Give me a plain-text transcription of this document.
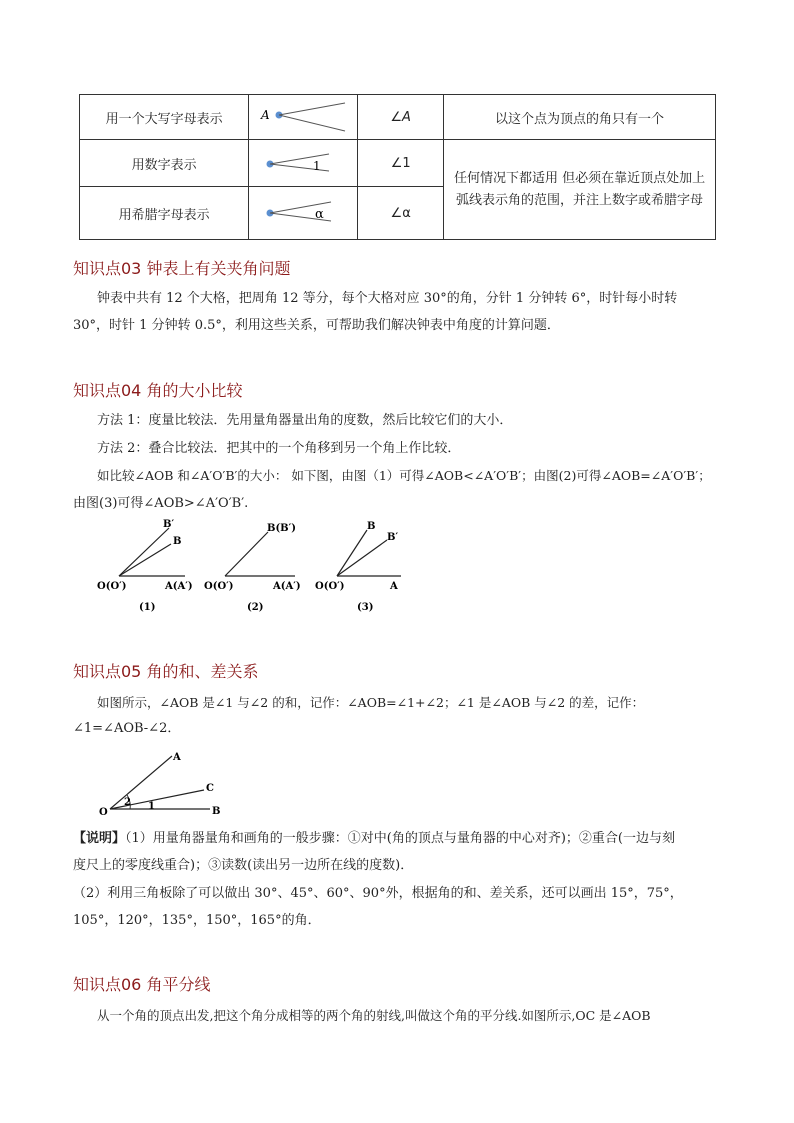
用一个大写字母表示	A	∠A	以这个点为顶点的角只有一个
用数字表示	1	∠1	任何情况下都适用 但必须在靠近顶点处加上弧线表示角的范围，并注上数字或希腊字母
用希腊字母表示	α	∠α	
知识点03 钟表上有关夹角问题
钟表中共有 12 个大格，把周角 12 等分，每个大格对应 30°的角，分针 1 分钟转 6°，时针每小时转
30°，时针 1 分钟转 0.5°，利用这些关系，可帮助我们解决钟表中角度的计算问题．
知识点04 角的大小比较
方法 1：度量比较法．先用量角器量出角的度数，然后比较它们的大小．
方法 2：叠合比较法．把其中的一个角移到另一个角上作比较．
如比较∠AOB 和∠A′O′B′的大小： 如下图，由图（1）可得∠AOB<∠A′O′B′；由图(2)可得∠AOB=∠A′O′B′；
由图(3)可得∠AOB>∠A′O′B′.
B′
B
O(O′)	A(A′)
(1)
B(B′)
O(O′)	A(A′)
(2)
B
B′
O(O′)	A
(3)
知识点05 角的和、差关系
如图所示，∠AOB 是∠1 与∠2 的和，记作：∠AOB=∠1+∠2；∠1 是∠AOB 与∠2 的差，记作：
∠1=∠AOB-∠2．
A
C
B
O
2 1
【说明】（1）用量角器量角和画角的一般步骤：①对中(角的顶点与量角器的中心对齐)；②重合(一边与刻
度尺上的零度线重合)；③读数(读出另一边所在线的度数)．
（2）利用三角板除了可以做出 30°、45°、60°、90°外，根据角的和、差关系，还可以画出 15°，75°，
105°，120°，135°，150°，165°的角．
知识点06 角平分线
从一个角的顶点出发,把这个角分成相等的两个角的射线,叫做这个角的平分线.如图所示,OC 是∠AOB
